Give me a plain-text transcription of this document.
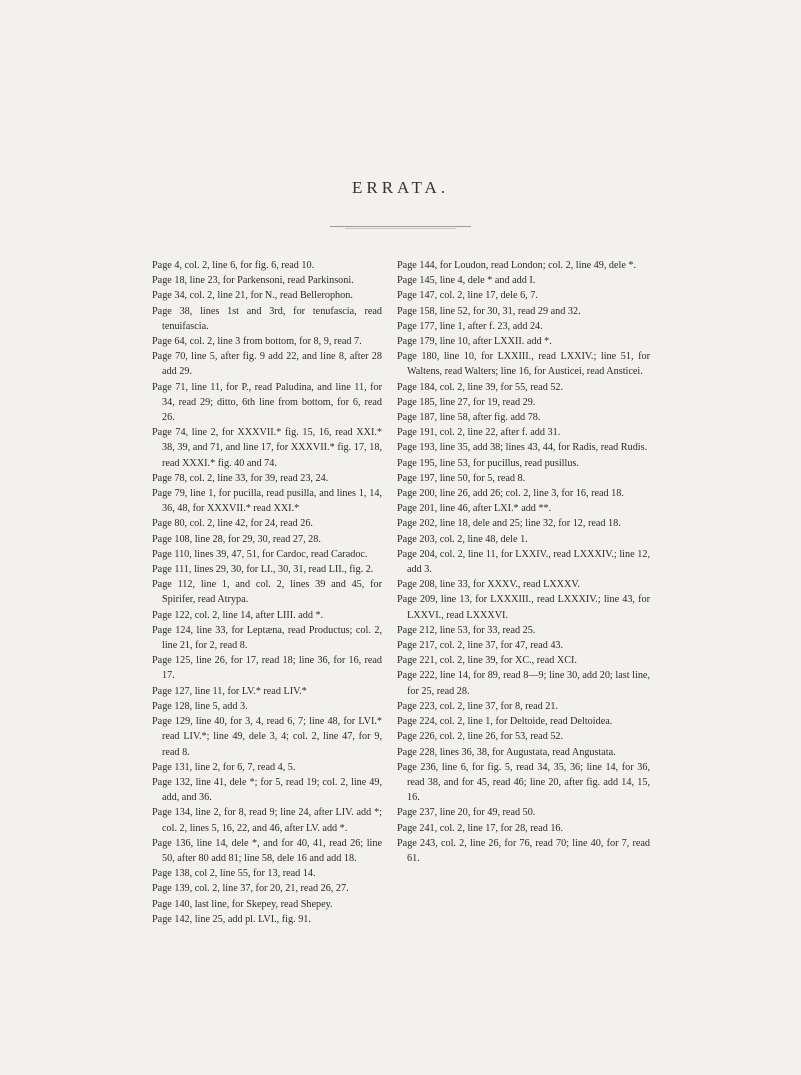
ERRATA.

Page 4, col. 2, line 6, for fig. 6, read 10.

Page 18, line 23, for Parkensoni, read Parkinsoni.

Page 34, col. 2, line 21, for N., read Bellerophon.

Page 38, lines 1st and 3rd, for tenufascia, read tenuifascia.

Page 64, col. 2, line 3 from bottom, for 8, 9, read 7.

Page 70, line 5, after fig. 9 add 22, and line 8, after 28 add 29.

Page 71, line 11, for P., read Paludina, and line 11, for 34, read 29; ditto, 6th line from bottom, for 6, read 26.

Page 74, line 2, for XXXVII.* fig. 15, 16, read XXI.* 38, 39, and 71, and line 17, for XXXVII.* fig. 17, 18, read XXXI.* fig. 40 and 74.

Page 78, col. 2, line 33, for 39, read 23, 24.

Page 79, line 1, for pucilla, read pusilla, and lines 1, 14, 36, 48, for XXXVII.* read XXI.*

Page 80, col. 2, line 42, for 24, read 26.

Page 108, line 28, for 29, 30, read 27, 28.

Page 110, lines 39, 47, 51, for Cardoc, read Caradoc.

Page 111, lines 29, 30, for LI., 30, 31, read LII., fig. 2.

Page 112, line 1, and col. 2, lines 39 and 45, for Spirifer, read Atrypa.

Page 122, col. 2, line 14, after LIII. add *.

Page 124, line 33, for Leptæna, read Productus; col. 2, line 21, for 2, read 8.

Page 125, line 26, for 17, read 18; line 36, for 16, read 17.

Page 127, line 11, for LV.* read LIV.*

Page 128, line 5, add 3.

Page 129, line 40, for 3, 4, read 6, 7; line 48, for LVI.* read LIV.*; line 49, dele 3, 4; col. 2, line 47, for 9, read 8.

Page 131, line 2, for 6, 7, read 4, 5.

Page 132, line 41, dele *; for 5, read 19; col. 2, line 49, add, and 36.

Page 134, line 2, for 8, read 9; line 24, after LIV. add *; col. 2, lines 5, 16, 22, and 46, after LV. add *.

Page 136, line 14, dele *, and for 40, 41, read 26; line 50, after 80 add 81; line 58, dele 16 and add 18.

Page 138, col 2, line 55, for 13, read 14.

Page 139, col. 2, line 37, for 20, 21, read 26, 27.

Page 140, last line, for Skepey, read Shepey.

Page 142, line 25, add pl. LVI., fig. 91.

Page 144, for Loudon, read London; col. 2, line 49, dele *.

Page 145, line 4, dele * and add I.

Page 147, col. 2, line 17, dele 6, 7.

Page 158, line 52, for 30, 31, read 29 and 32.

Page 177, line 1, after f. 23, add 24.

Page 179, line 10, after LXXII. add *.

Page 180, line 10, for LXXIII., read LXXIV.; line 51, for Waltens, read Walters; line 16, for Austicei, read Ansticei.

Page 184, col. 2, line 39, for 55, read 52.

Page 185, line 27, for 19, read 29.

Page 187, line 58, after fig. add 78.

Page 191, col. 2, line 22, after f. add 31.

Page 193, line 35, add 38; lines 43, 44, for Radis, read Rudis.

Page 195, line 53, for pucillus, read pusillus.

Page 197, line 50, for 5, read 8.

Page 200, line 26, add 26; col. 2, line 3, for 16, read 18.

Page 201, line 46, after LXI.* add **.

Page 202, line 18, dele and 25; line 32, for 12, read 18.

Page 203, col. 2, line 48, dele 1.

Page 204, col. 2, line 11, for LXXIV., read LXXXIV.; line 12, add 3.

Page 208, line 33, for XXXV., read LXXXV.

Page 209, line 13, for LXXXIII., read LXXXIV.; line 43, for LXXVI., read LXXXVI.

Page 212, line 53, for 33, read 25.

Page 217, col. 2, line 37, for 47, read 43.

Page 221, col. 2, line 39, for XC., read XCI.

Page 222, line 14, for 89, read 8—9; line 30, add 20; last line, for 25, read 28.

Page 223, col. 2, line 37, for 8, read 21.

Page 224, col. 2, line 1, for Deltoide, read Deltoidea.

Page 226, col. 2, line 26, for 53, read 52.

Page 228, lines 36, 38, for Augustata, read Angustata.

Page 236, line 6, for fig. 5, read 34, 35, 36; line 14, for 36, read 38, and for 45, read 46; line 20, after fig. add 14, 15, 16.

Page 237, line 20, for 49, read 50.

Page 241, col. 2, line 17, for 28, read 16.

Page 243, col. 2, line 26, for 76, read 70; line 40, for 7, read 61.
